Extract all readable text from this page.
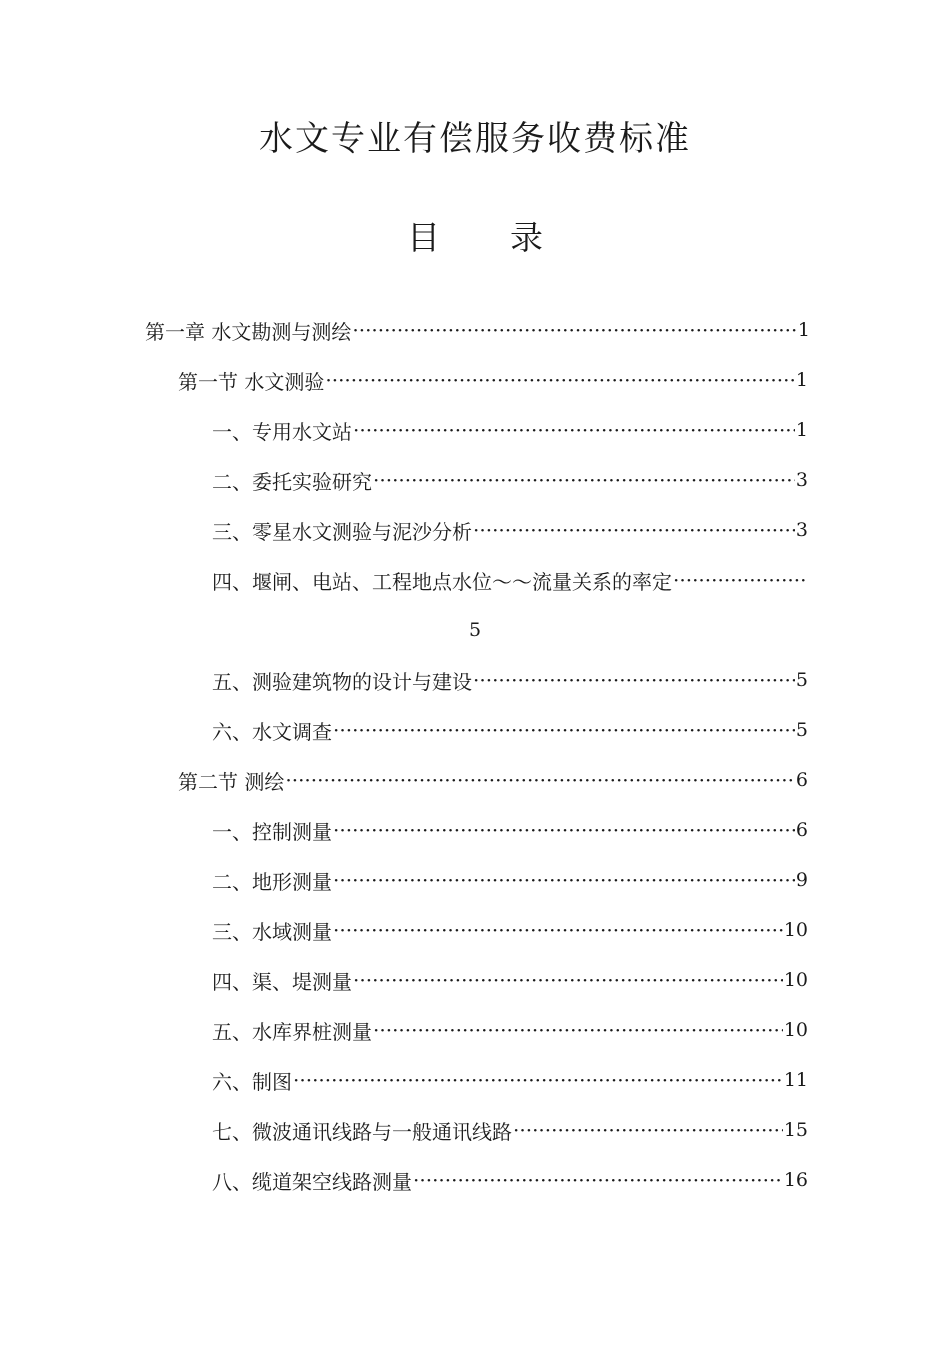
水文专业有偿服务收费标准
目 录
第一章 水文勘测与测绘 ·····	1
第一节 水文测验 ·····	1
一、专用水文站 ·····	1
二、委托实验研究 ·····	3
三、零星水文测验与泥沙分析 ·····	3
四、堰闸、电站、工程地点水位～～流量关系的率定
·····
5
五、测验建筑物的设计与建设 ·····	5
六、水文调查 ·····	5
第二节 测绘 ·····	6
一、控制测量 ·····	6
二、地形测量 ·····	9
三、水域测量 ·····	10
四、渠、堤测量 ·····	10
五、水库界桩测量 ·····	10
六、制图 ·····	11
七、微波通讯线路与一般通讯线路 ·····	15
八、缆道架空线路测量 ·····	16
